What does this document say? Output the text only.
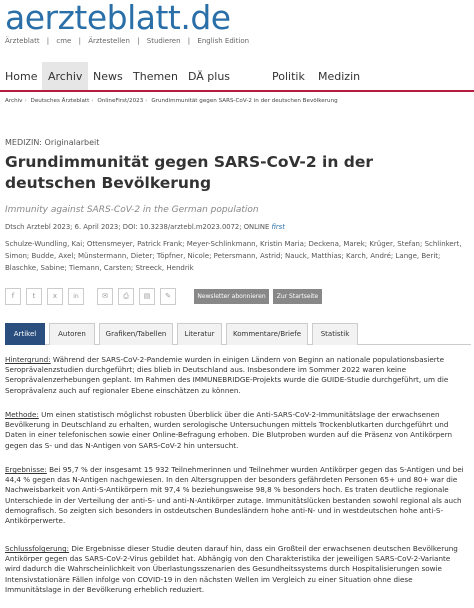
aerzteblatt.de
Ärzteblatt | cme | Ärztestellen | Studieren | English Edition
Home Archiv News Themen DÄ plus	Politik Medizin
Archiv › Deutsches Ärzteblatt › OnlineFirst/2023 › Grundimmunität gegen SARS-CoV-2 in der deutschen Bevölkerung
MEDIZIN: Originalarbeit
Grundimmunität gegen SARS-CoV-2 in der deutschen Bevölkerung
Immunity against SARS-CoV-2 in the German population
Dtsch Arztebl 2023; 6. April 2023; DOI: 10.3238/arztebl.m2023.0072; ONLINE first
Schulze-Wundling, Kai; Ottensmeyer, Patrick Frank; Meyer-Schlinkmann, Kristin Maria; Deckena, Marek; Krüger, Stefan; Schlinkert, Simon; Budde, Axel; Münstermann, Dieter; Töpfner, Nicole; Petersmann, Astrid; Nauck, Matthias; Karch, André; Lange, Berit; Blaschke, Sabine; Tiemann, Carsten; Streeck, Hendrik
f	t	x	in	✉	⎙	▤	✎	Newsletter abonnieren	Zur Startseite
Artikel	Autoren	Grafiken/Tabellen	Literatur	Kommentare/Briefe	Statistik

Hintergrund: Während der SARS-CoV-2-Pandemie wurden in einigen Ländern von Beginn an nationale populationsbasierte Seroprävalenzstudien durchgeführt; dies blieb in Deutschland aus. Insbesondere im Sommer 2022 waren keine Seroprävalenzerhebungen geplant. Im Rahmen des IMMUNEBRIDGE-Projekts wurde die GUIDE-Studie durchgeführt, um die Seroprävalenz auch auf regionaler Ebene einschätzen zu können.

Methode: Um einen statistisch möglichst robusten Überblick über die Anti-SARS-CoV-2-Immunitätslage der erwachsenen Bevölkerung in Deutschland zu erhalten, wurden serologische Untersuchungen mittels Trockenblutkarten durchgeführt und Daten in einer telefonischen sowie einer Online-Befragung erhoben. Die Blutproben wurden auf die Präsenz von Antikörpern gegen das S- und das N-Antigen von SARS-CoV-2 hin untersucht.

Ergebnisse: Bei 95,7 % der insgesamt 15 932 Teilnehmerinnen und Teilnehmer wurden Antikörper gegen das S-Antigen und bei 44,4 % gegen das N-Antigen nachgewiesen. In den Altersgruppen der besonders gefährdeten Personen 65+ und 80+ war die Nachweisbarkeit von Anti-S-Antikörpern mit 97,4 % beziehungsweise 98,8 % besonders hoch. Es traten deutliche regionale Unterschiede in der Verteilung der anti-S- und anti-N-Antikörper zutage. Immunitätslücken bestanden sowohl regional als auch demografisch. So zeigten sich besonders in ostdeutschen Bundesländern hohe anti-N- und in westdeutschen hohe anti-S-Antikörperwerte.

Schlussfolgerung: Die Ergebnisse dieser Studie deuten darauf hin, dass ein Großteil der erwachsenen deutschen Bevölkerung Antikörper gegen das SARS-CoV-2-Virus gebildet hat. Abhängig von den Charakteristika der jeweiligen SARS-CoV-2-Variante wird dadurch die Wahrscheinlichkeit von Überlastungsszenarien des Gesundheitssystems durch Hospitalisierungen sowie Intensivstationäre Fällen infolge von COVID-19 in den nächsten Wellen im Vergleich zu einer Situation ohne diese Immunitätslage in der Bevölkerung erheblich reduziert.
